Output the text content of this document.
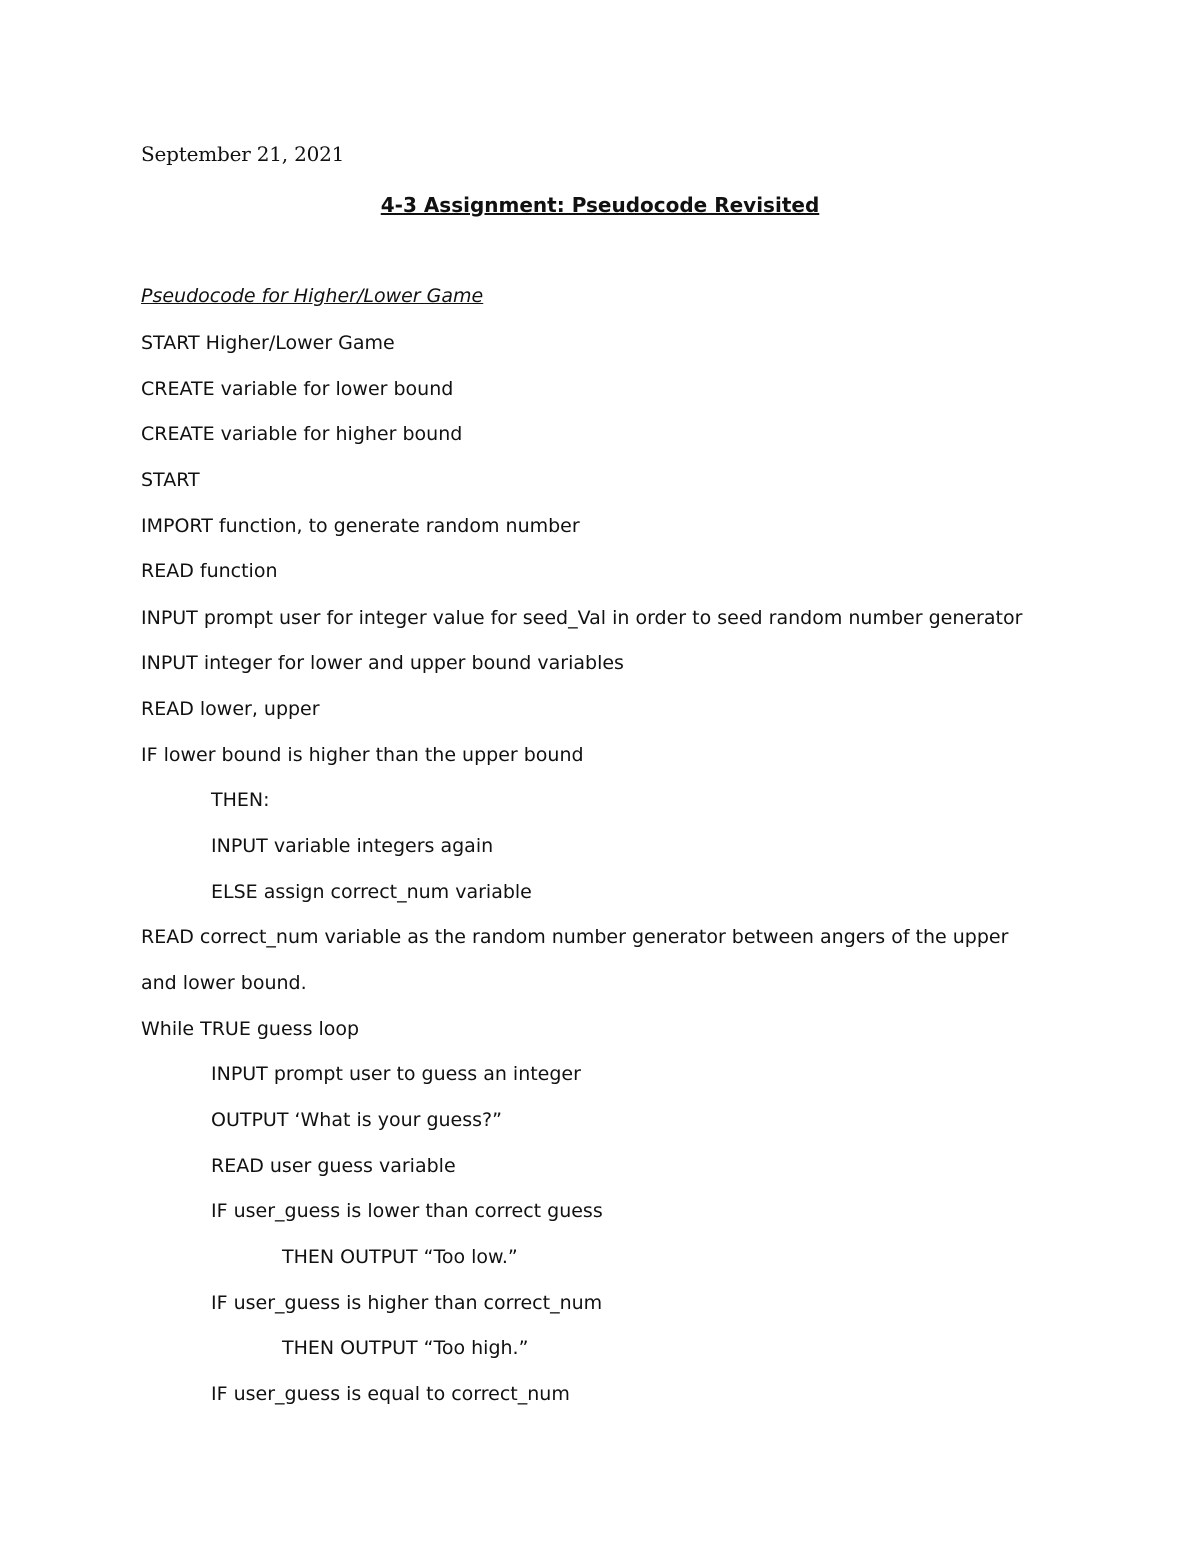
September 21, 2021
4-3 Assignment: Pseudocode Revisited
Pseudocode for Higher/Lower Game
START Higher/Lower Game
CREATE variable for lower bound
CREATE variable for higher bound
START
IMPORT function, to generate random number
READ function
INPUT prompt user for integer value for seed_Val in order to seed random number generator
INPUT integer for lower and upper bound variables
READ lower, upper
IF lower bound is higher than the upper bound
THEN:
INPUT variable integers again
ELSE assign correct_num variable
READ correct_num variable as the random number generator between angers of the upper
and lower bound.
While TRUE guess loop
INPUT prompt user to guess an integer
OUTPUT ‘What is your guess?”
READ user guess variable
IF user_guess is lower than correct guess
THEN OUTPUT “Too low.”
IF user_guess is higher than correct_num
THEN OUTPUT “Too high.”
IF user_guess is equal to correct_num
